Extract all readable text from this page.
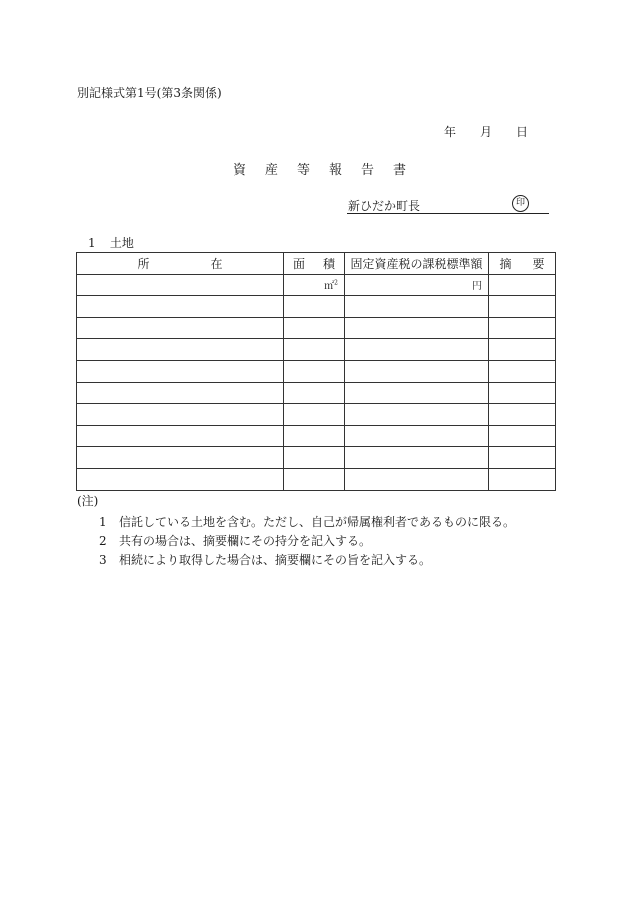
別記様式第1号(第3条関係)
年 月 日
資 産 等 報 告 書
新ひだか町長	印
1 土地
所 在	面 積	固定資産税の課税標準額	摘 要

	㎡$^2$	円	

(注)
1 信託している土地を含む。ただし、自己が帰属権利者であるものに限る。
2 共有の場合は、摘要欄にその持分を記入する。
3 相続により取得した場合は、摘要欄にその旨を記入する。
